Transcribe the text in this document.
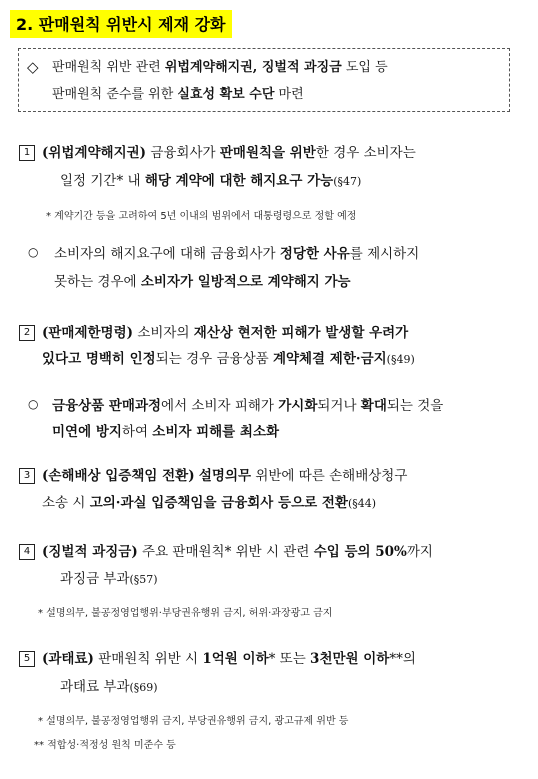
2. 판매원칙 위반시 제재 강화
◇ 판매원칙 위반 관련 위법계약해지권, 징벌적 과징금 도입 등
판매원칙 준수를 위한 실효성 확보 수단 마련
1 (위법계약해지권) 금융회사가 판매원칙을 위반한 경우 소비자는
일정 기간* 내 해당 계약에 대한 해지요구 가능(§47)
* 계약기간 등을 고려하여 5년 이내의 범위에서 대통령령으로 정할 예정
○ 소비자의 해지요구에 대해 금융회사가 정당한 사유를 제시하지
못하는 경우에 소비자가 일방적으로 계약해지 가능
2 (판매제한명령) 소비자의 재산상 현저한 피해가 발생할 우려가
있다고 명백히 인정되는 경우 금융상품 계약체결 제한·금지(§49)
○ 금융상품 판매과정에서 소비자 피해가 가시화되거나 확대되는 것을
미연에 방지하여 소비자 피해를 최소화
3 (손해배상 입증책임 전환) 설명의무 위반에 따른 손해배상청구
소송 시 고의·과실 입증책임을 금융회사 등으로 전환(§44)
4 (징벌적 과징금) 주요 판매원칙* 위반 시 관련 수입 등의 50%까지
과징금 부과(§57)
* 설명의무, 불공정영업행위·부당권유행위 금지, 허위·과장광고 금지
5 (과태료) 판매원칙 위반 시 1억원 이하* 또는 3천만원 이하**의
과태료 부과(§69)
* 설명의무, 불공정영업행위 금지, 부당권유행위 금지, 광고규제 위반 등
** 적합성·적정성 원칙 미준수 등
